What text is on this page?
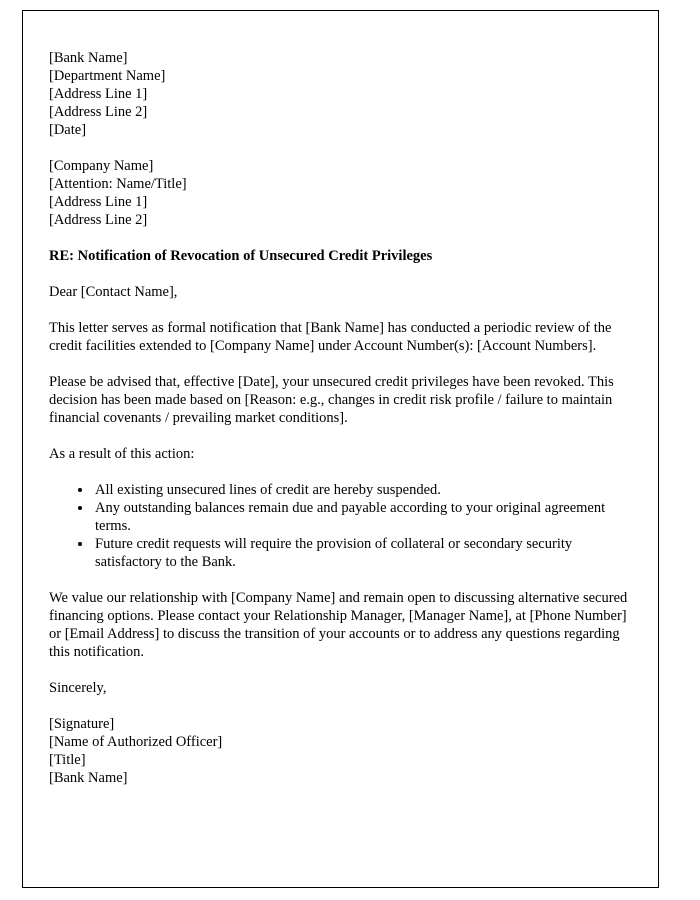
[Bank Name]
[Department Name]
[Address Line 1]
[Address Line 2]
[Date]
[Company Name]
[Attention: Name/Title]
[Address Line 1]
[Address Line 2]

RE: Notification of Revocation of Unsecured Credit Privileges

Dear [Contact Name],

This letter serves as formal notification that [Bank Name] has conducted a periodic review of the credit facilities extended to [Company Name] under Account Number(s): [Account Numbers].

Please be advised that, effective [Date], your unsecured credit privileges have been revoked. This decision has been made based on [Reason: e.g., changes in credit risk profile / failure to maintain financial covenants / prevailing market conditions].

As a result of this action:

• All existing unsecured lines of credit are hereby suspended.
• Any outstanding balances remain due and payable according to your original agreement terms.
• Future credit requests will require the provision of collateral or secondary security satisfactory to the Bank.

We value our relationship with [Company Name] and remain open to discussing alternative secured financing options. Please contact your Relationship Manager, [Manager Name], at [Phone Number] or [Email Address] to discuss the transition of your accounts or to address any questions regarding this notification.

Sincerely,

[Signature]
[Name of Authorized Officer]
[Title]
[Bank Name]
